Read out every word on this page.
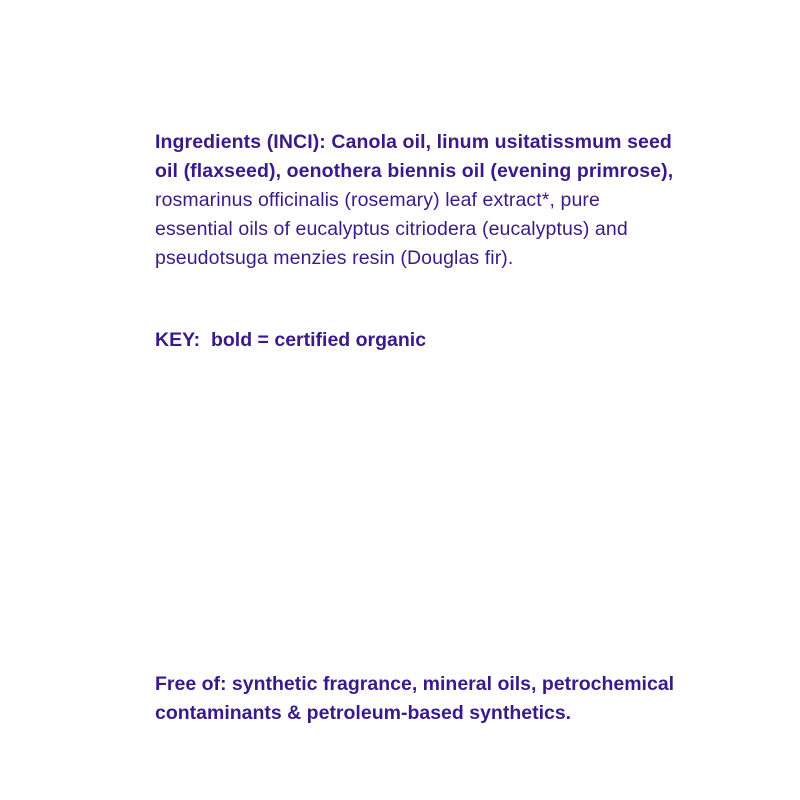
Ingredients (INCI): Canola oil, linum usitatissmum seed oil (flaxseed), oenothera biennis oil (evening primrose), rosmarinus officinalis (rosemary) leaf extract*, pure essential oils of eucalyptus citriodera (eucalyptus) and pseudotsuga menzies resin (Douglas fir).

KEY:  bold = certified organic

Free of: synthetic fragrance, mineral oils, petrochemical contaminants & petroleum-based synthetics.
